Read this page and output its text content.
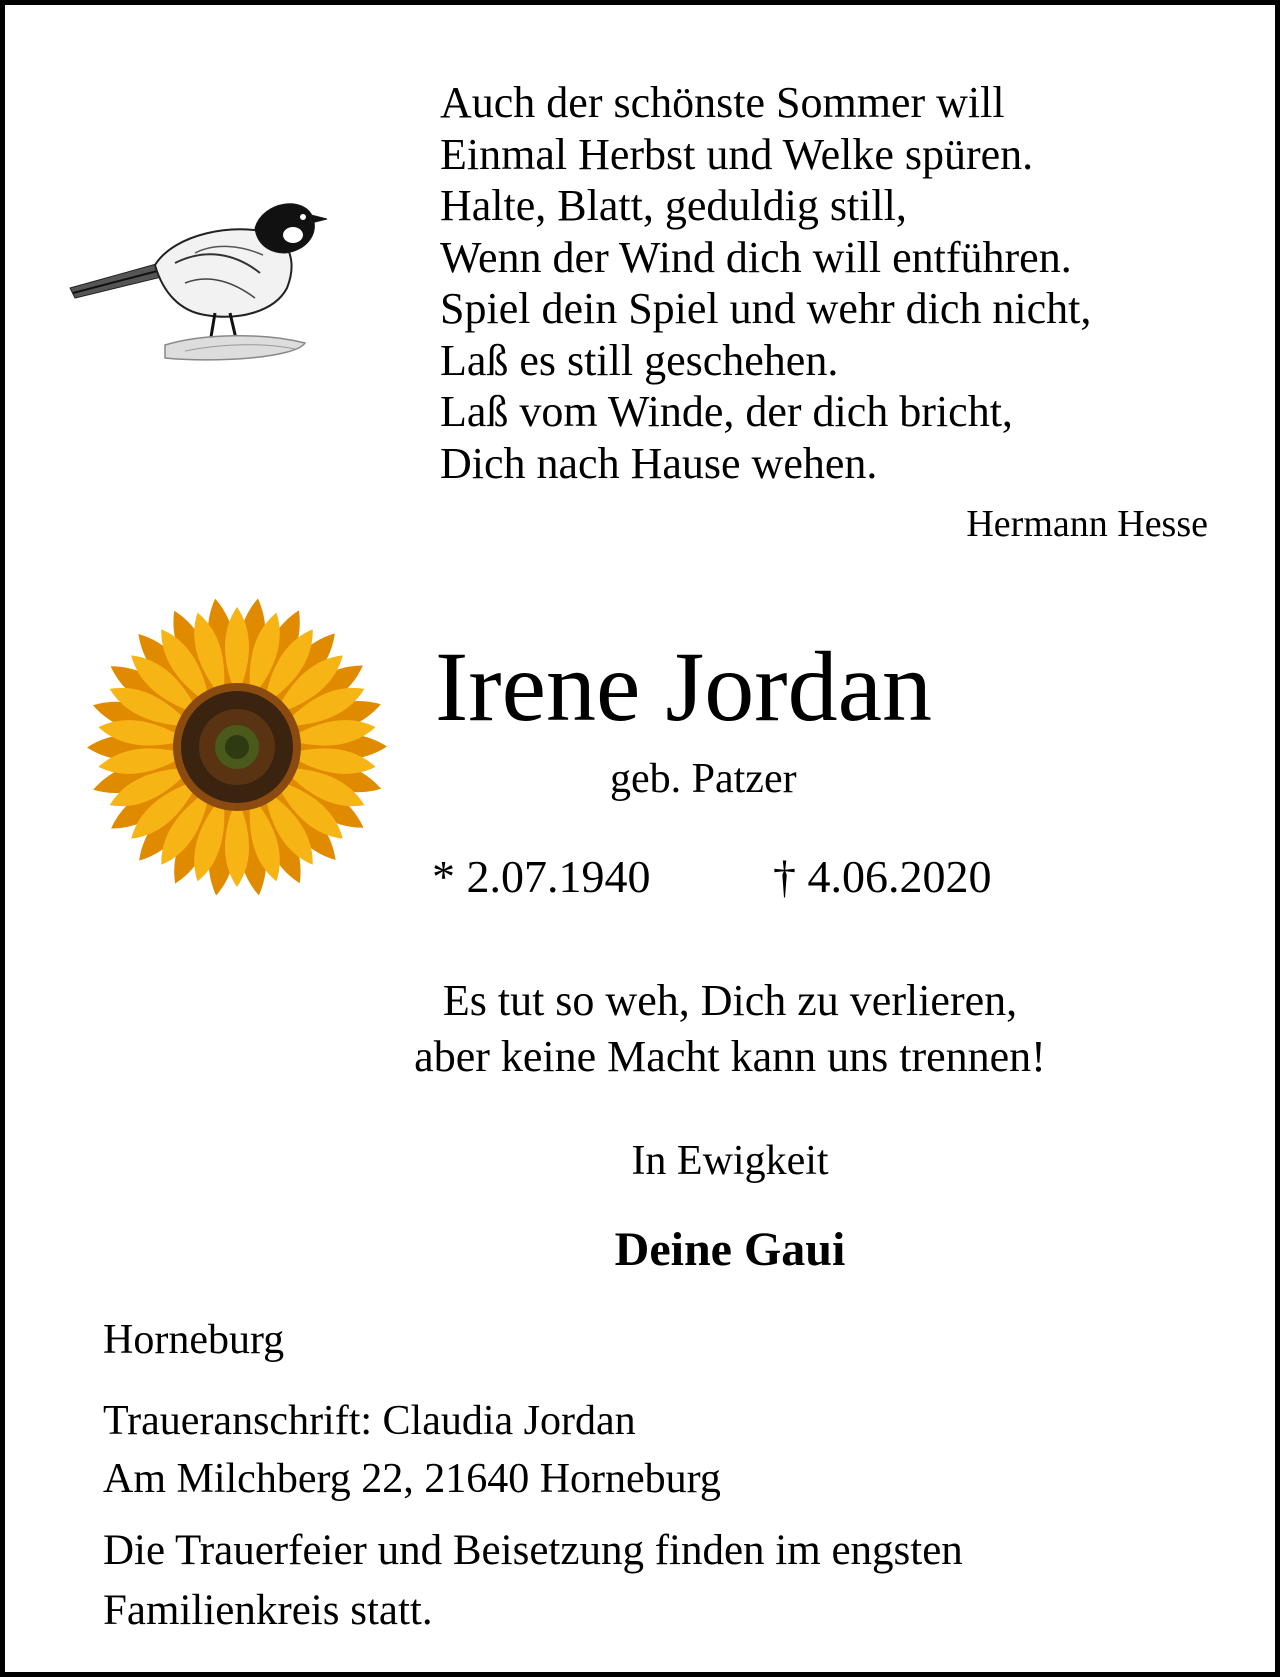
Auch der schönste Sommer will
Einmal Herbst und Welke spüren.
Halte, Blatt, geduldig still,
Wenn der Wind dich will entführen.
Spiel dein Spiel und wehr dich nicht,
Laß es still geschehen.
Laß vom Winde, der dich bricht,
Dich nach Hause wehen.
Hermann Hesse
Irene Jordan
geb. Patzer
* 2.07.1940	† 4.06.2020
Es tut so weh, Dich zu verlieren,
aber keine Macht kann uns trennen!
In Ewigkeit
Deine Gaui
Horneburg
Traueranschrift: Claudia Jordan
Am Milchberg 22, 21640 Horneburg
Die Trauerfeier und Beisetzung finden im engsten
Familienkreis statt.
